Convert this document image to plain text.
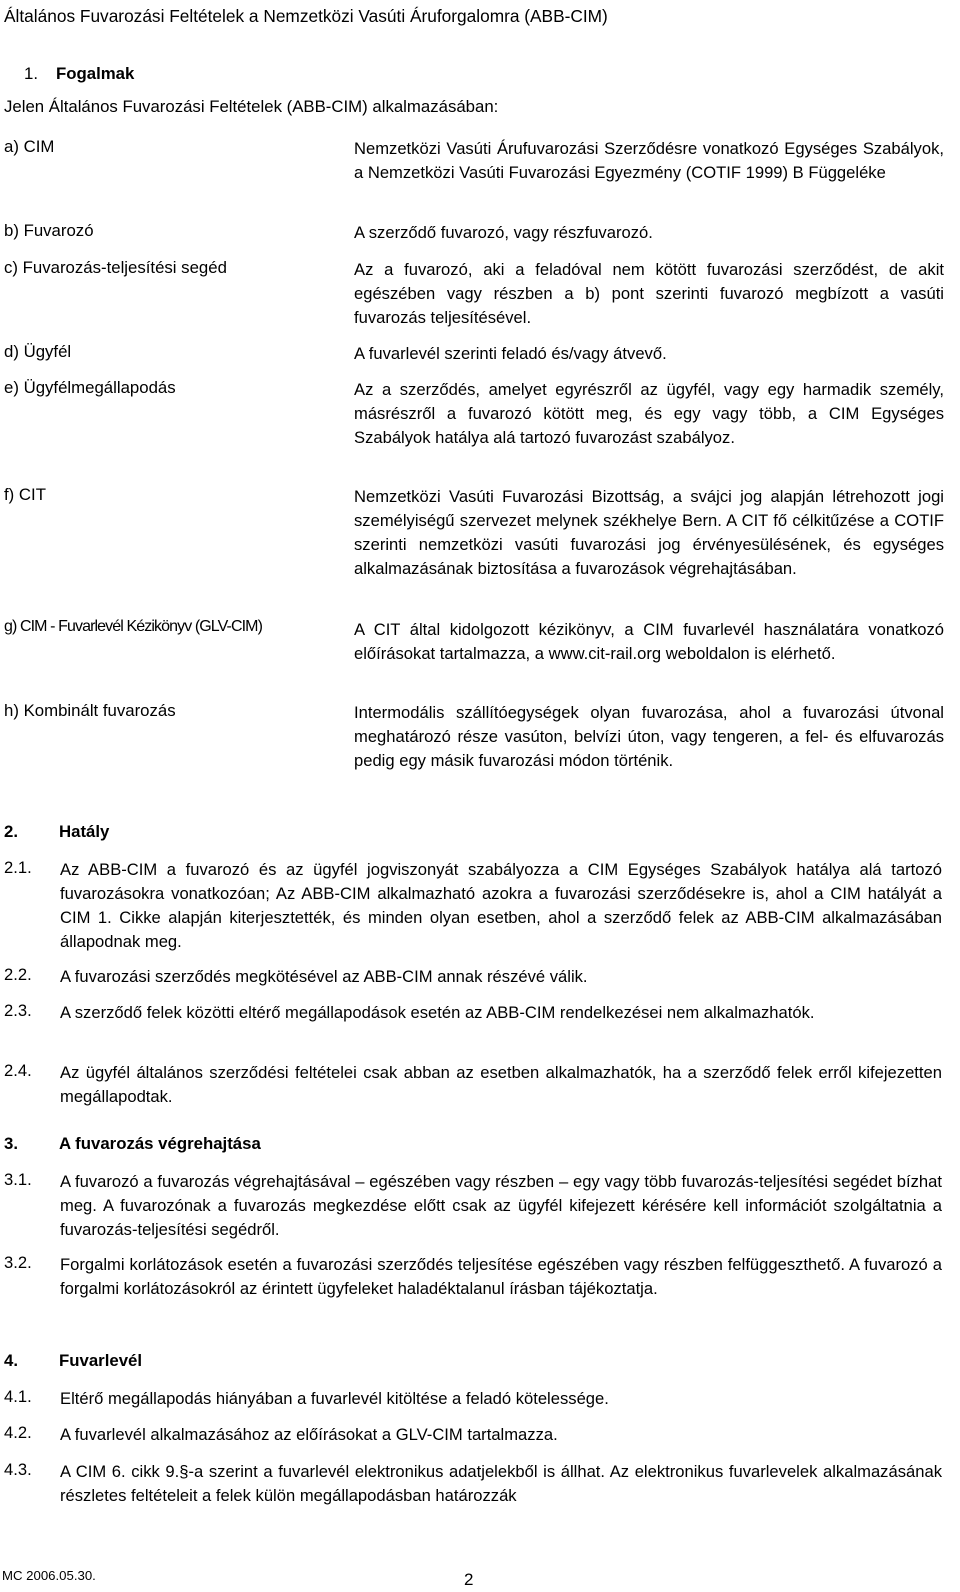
Általános Fuvarozási Feltételek a Nemzetközi Vasúti Áruforgalomra (ABB-CIM)
1. Fogalmak
Jelen Általános Fuvarozási Feltételek (ABB-CIM) alkalmazásában:
a) CIM	Nemzetközi Vasúti Árufuvarozási Szerződésre vonatkozó Egységes Szabályok, a Nemzetközi Vasúti Fuvarozási Egyezmény (COTIF 1999) B Függeléke
b) Fuvarozó	A szerződő fuvarozó, vagy részfuvarozó.
c) Fuvarozás-teljesítési segéd	Az a fuvarozó, aki a feladóval nem kötött fuvarozási szerződést, de akit egészében vagy részben a b) pont szerinti fuvarozó megbízott a vasúti fuvarozás teljesítésével.
d) Ügyfél	A fuvarlevél szerinti feladó és/vagy átvevő.
e) Ügyfélmegállapodás	Az a szerződés, amelyet egyrészről az ügyfél, vagy egy harmadik személy, másrészről a fuvarozó kötött meg, és egy vagy több, a CIM Egységes Szabályok hatálya alá tartozó fuvarozást szabályoz.
f) CIT	Nemzetközi Vasúti Fuvarozási Bizottság, a svájci jog alapján létrehozott jogi személyiségű szervezet melynek székhelye Bern. A CIT fő célkitűzése a COTIF szerinti nemzetközi vasúti fuvarozási jog érvényesülésének, és egységes alkalmazásának biztosítása a fuvarozások végrehajtásában.
g) CIM - Fuvarlevél Kézikönyv (GLV-CIM)	A CIT által kidolgozott kézikönyv, a CIM fuvarlevél használatára vonatkozó előírásokat tartalmazza, a www.cit-rail.org weboldalon is elérhető.
h) Kombinált fuvarozás	Intermodális szállítóegységek olyan fuvarozása, ahol a fuvarozási útvonal meghatározó része vasúton, belvízi úton, vagy tengeren, a fel- és elfuvarozás pedig egy másik fuvarozási módon történik.
2. Hatály
2.1. Az ABB-CIM a fuvarozó és az ügyfél jogviszonyát szabályozza a CIM Egységes Szabályok hatálya alá tartozó fuvarozásokra vonatkozóan; Az ABB-CIM alkalmazható azokra a fuvarozási szerződésekre is, ahol a CIM hatályát a CIM 1. Cikke alapján kiterjesztették, és minden olyan esetben, ahol a szerződő felek az ABB-CIM alkalmazásában állapodnak meg.
2.2. A fuvarozási szerződés megkötésével az ABB-CIM annak részévé válik.
2.3. A szerződő felek közötti eltérő megállapodások esetén az ABB-CIM rendelkezései nem alkalmazhatók.
2.4. Az ügyfél általános szerződési feltételei csak abban az esetben alkalmazhatók, ha a szerződő felek erről kifejezetten megállapodtak.
3. A fuvarozás végrehajtása
3.1. A fuvarozó a fuvarozás végrehajtásával – egészében vagy részben – egy vagy több fuvarozás-teljesítési segédet bízhat meg. A fuvarozónak a fuvarozás megkezdése előtt csak az ügyfél kifejezett kérésére kell információt szolgáltatnia a fuvarozás-teljesítési segédről.
3.2. Forgalmi korlátozások esetén a fuvarozási szerződés teljesítése egészében vagy részben felfüggeszthető. A fuvarozó a forgalmi korlátozásokról az érintett ügyfeleket haladéktalanul írásban tájékoztatja.
4. Fuvarlevél
4.1. Eltérő megállapodás hiányában a fuvarlevél kitöltése a feladó kötelessége.
4.2. A fuvarlevél alkalmazásához az előírásokat a GLV-CIM tartalmazza.
4.3. A CIM 6. cikk 9.§-a szerint a fuvarlevél elektronikus adatjelekből is állhat. Az elektronikus fuvarlevelek alkalmazásának részletes feltételeit a felek külön megállapodásban határozzák
MC 2006.05.30.	2
